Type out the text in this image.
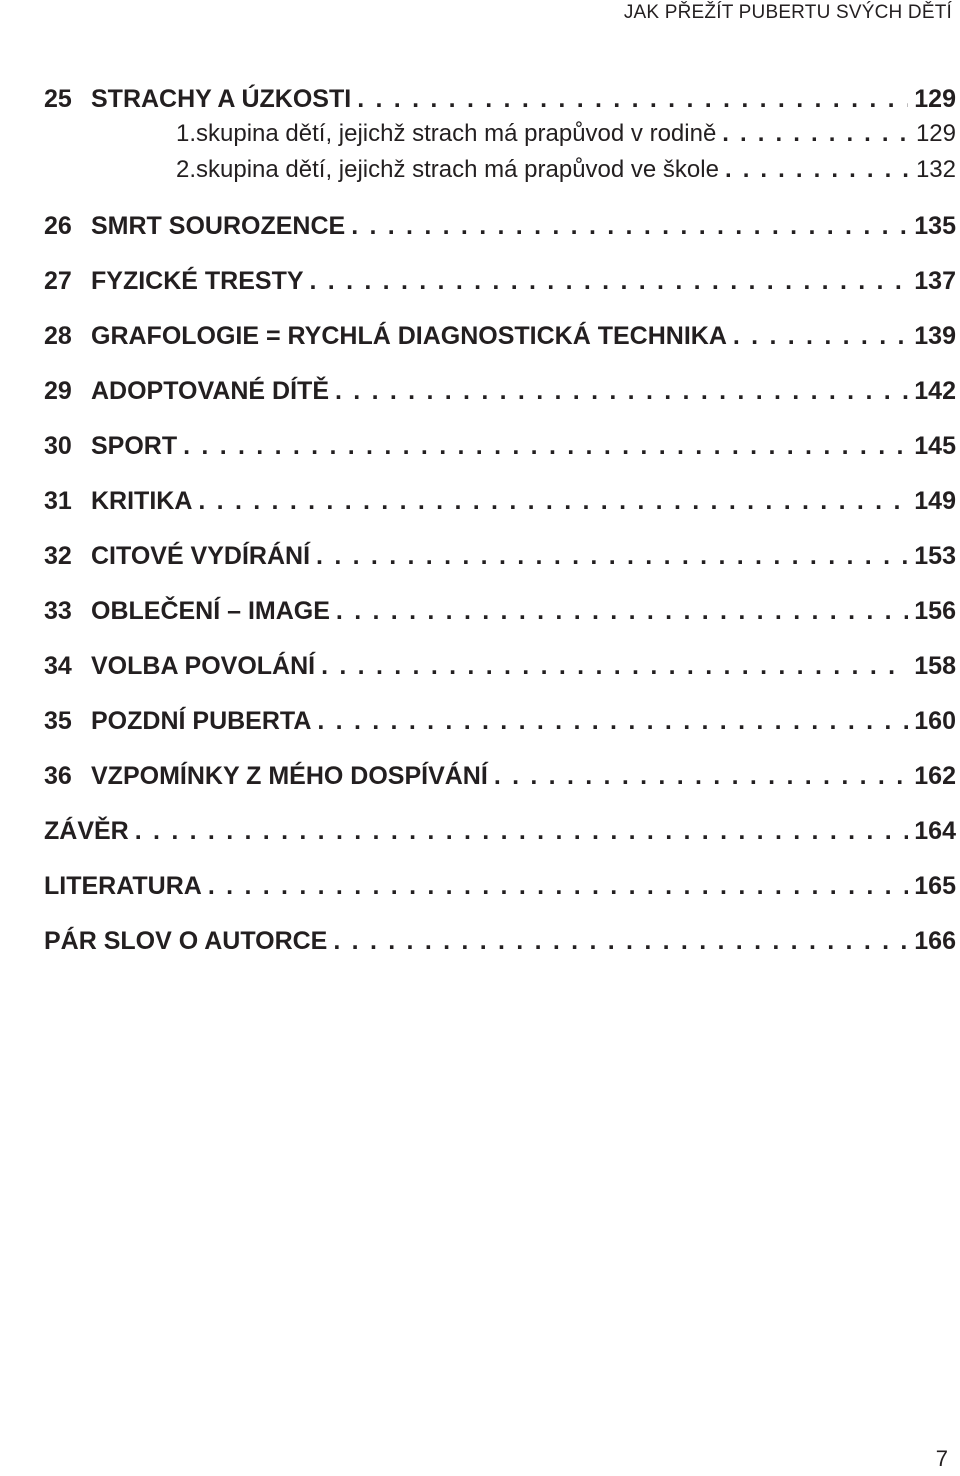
JAK PŘEŽÍT PUBERTU SVÝCH DĚTÍ
25 STRACHY A ÚZKOSTI . . .	129
1. skupina dětí, jejichž strach má prapůvod v rodině . . .	129
2. skupina dětí, jejichž strach má prapůvod ve škole . . .	132
26 SMRT SOUROZENCE . . .	135
27 FYZICKÉ TRESTY . . .	137
28 GRAFOLOGIE = RYCHLÁ DIAGNOSTICKÁ TECHNIKA . . .	139
29 ADOPTOVANÉ DÍTĚ . . .	142
30 SPORT . . .	145
31 KRITIKA . . .	149
32 CITOVÉ VYDÍRÁNÍ . . .	153
33 OBLEČENÍ – IMAGE . . .	156
34 VOLBA POVOLÁNÍ . . .	158
35 POZDNÍ PUBERTA . . .	160
36 VZPOMÍNKY Z MÉHO DOSPÍVÁNÍ . . .	162
ZÁVĚR . . .	164
LITERATURA . . .	165
PÁR SLOV O AUTORCE . . .	166
7
